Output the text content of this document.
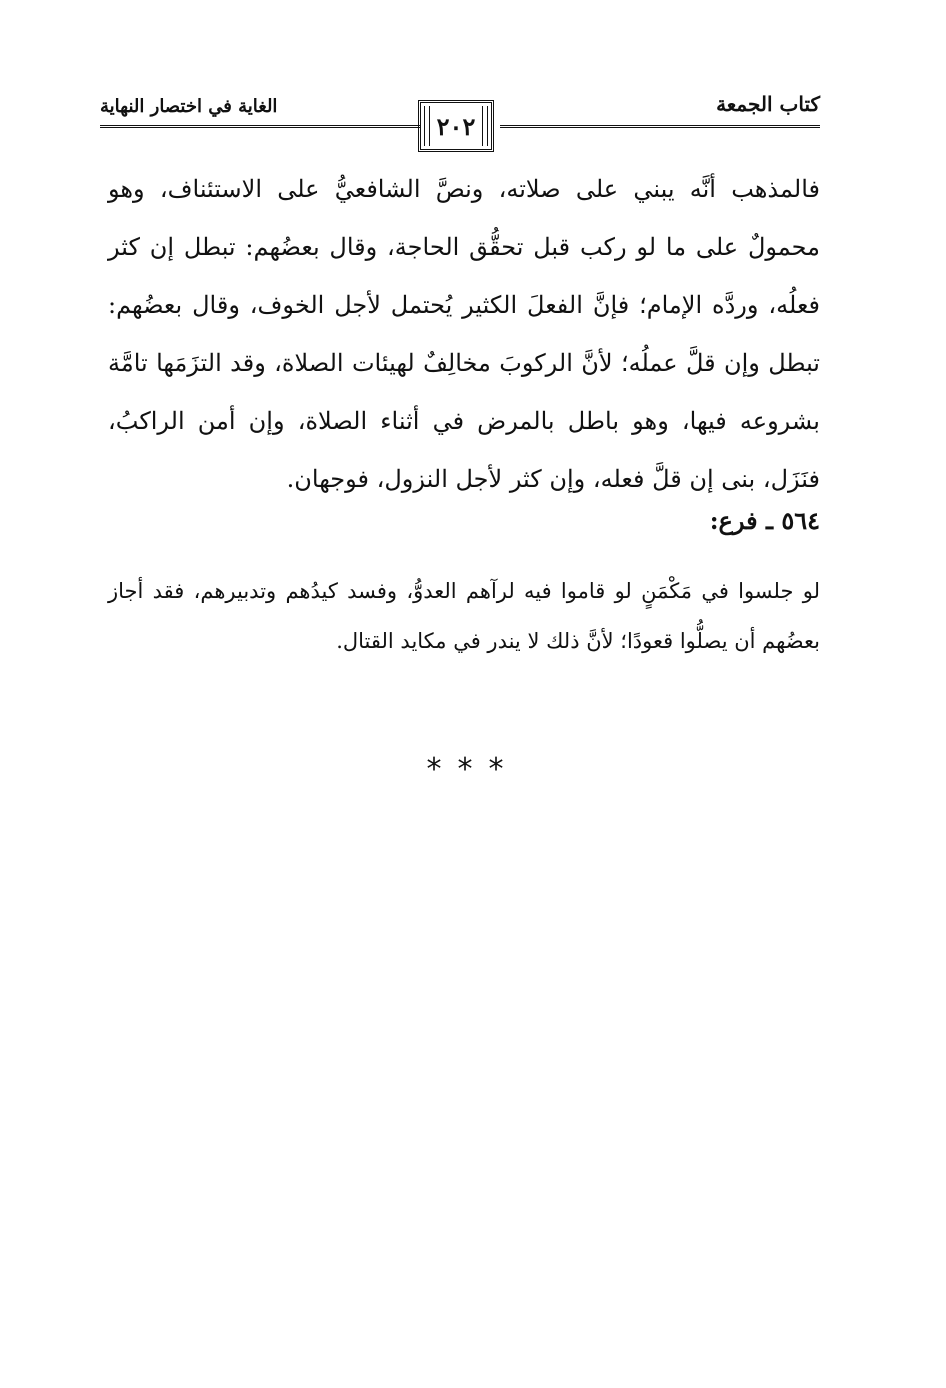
كتاب الجمعة
الغاية في اختصار النهاية
٢٠٢

فالمذهب أنَّه يبني على صلاته، ونصَّ الشافعيُّ على الاستئناف، وهو محمولٌ على ما لو ركب قبل تحقُّق الحاجة، وقال بعضُهم: تبطل إن كثر فعلُه، وردَّه الإمام؛ فإنَّ الفعلَ الكثير يُحتمل لأجل الخوف، وقال بعضُهم: تبطل وإن قلَّ عملُه؛ لأنَّ الركوبَ مخالِفٌ لهيئات الصلاة، وقد التزَمَها تامَّة بشروعه فيها، وهو باطل بالمرض في أثناء الصلاة، وإن أمن الراكبُ، فنَزَل، بنى إن قلَّ فعله، وإن كثر لأجل النزول، فوجهان.

٥٦٤ ـ فرع:

لو جلسوا في مَكْمَنٍ لو قاموا فيه لرآهم العدوُّ، وفسد كيدُهم وتدبيرهم، فقد أجاز بعضُهم أن يصلُّوا قعودًا؛ لأنَّ ذلك لا يندر في مكايد القتال.

***
